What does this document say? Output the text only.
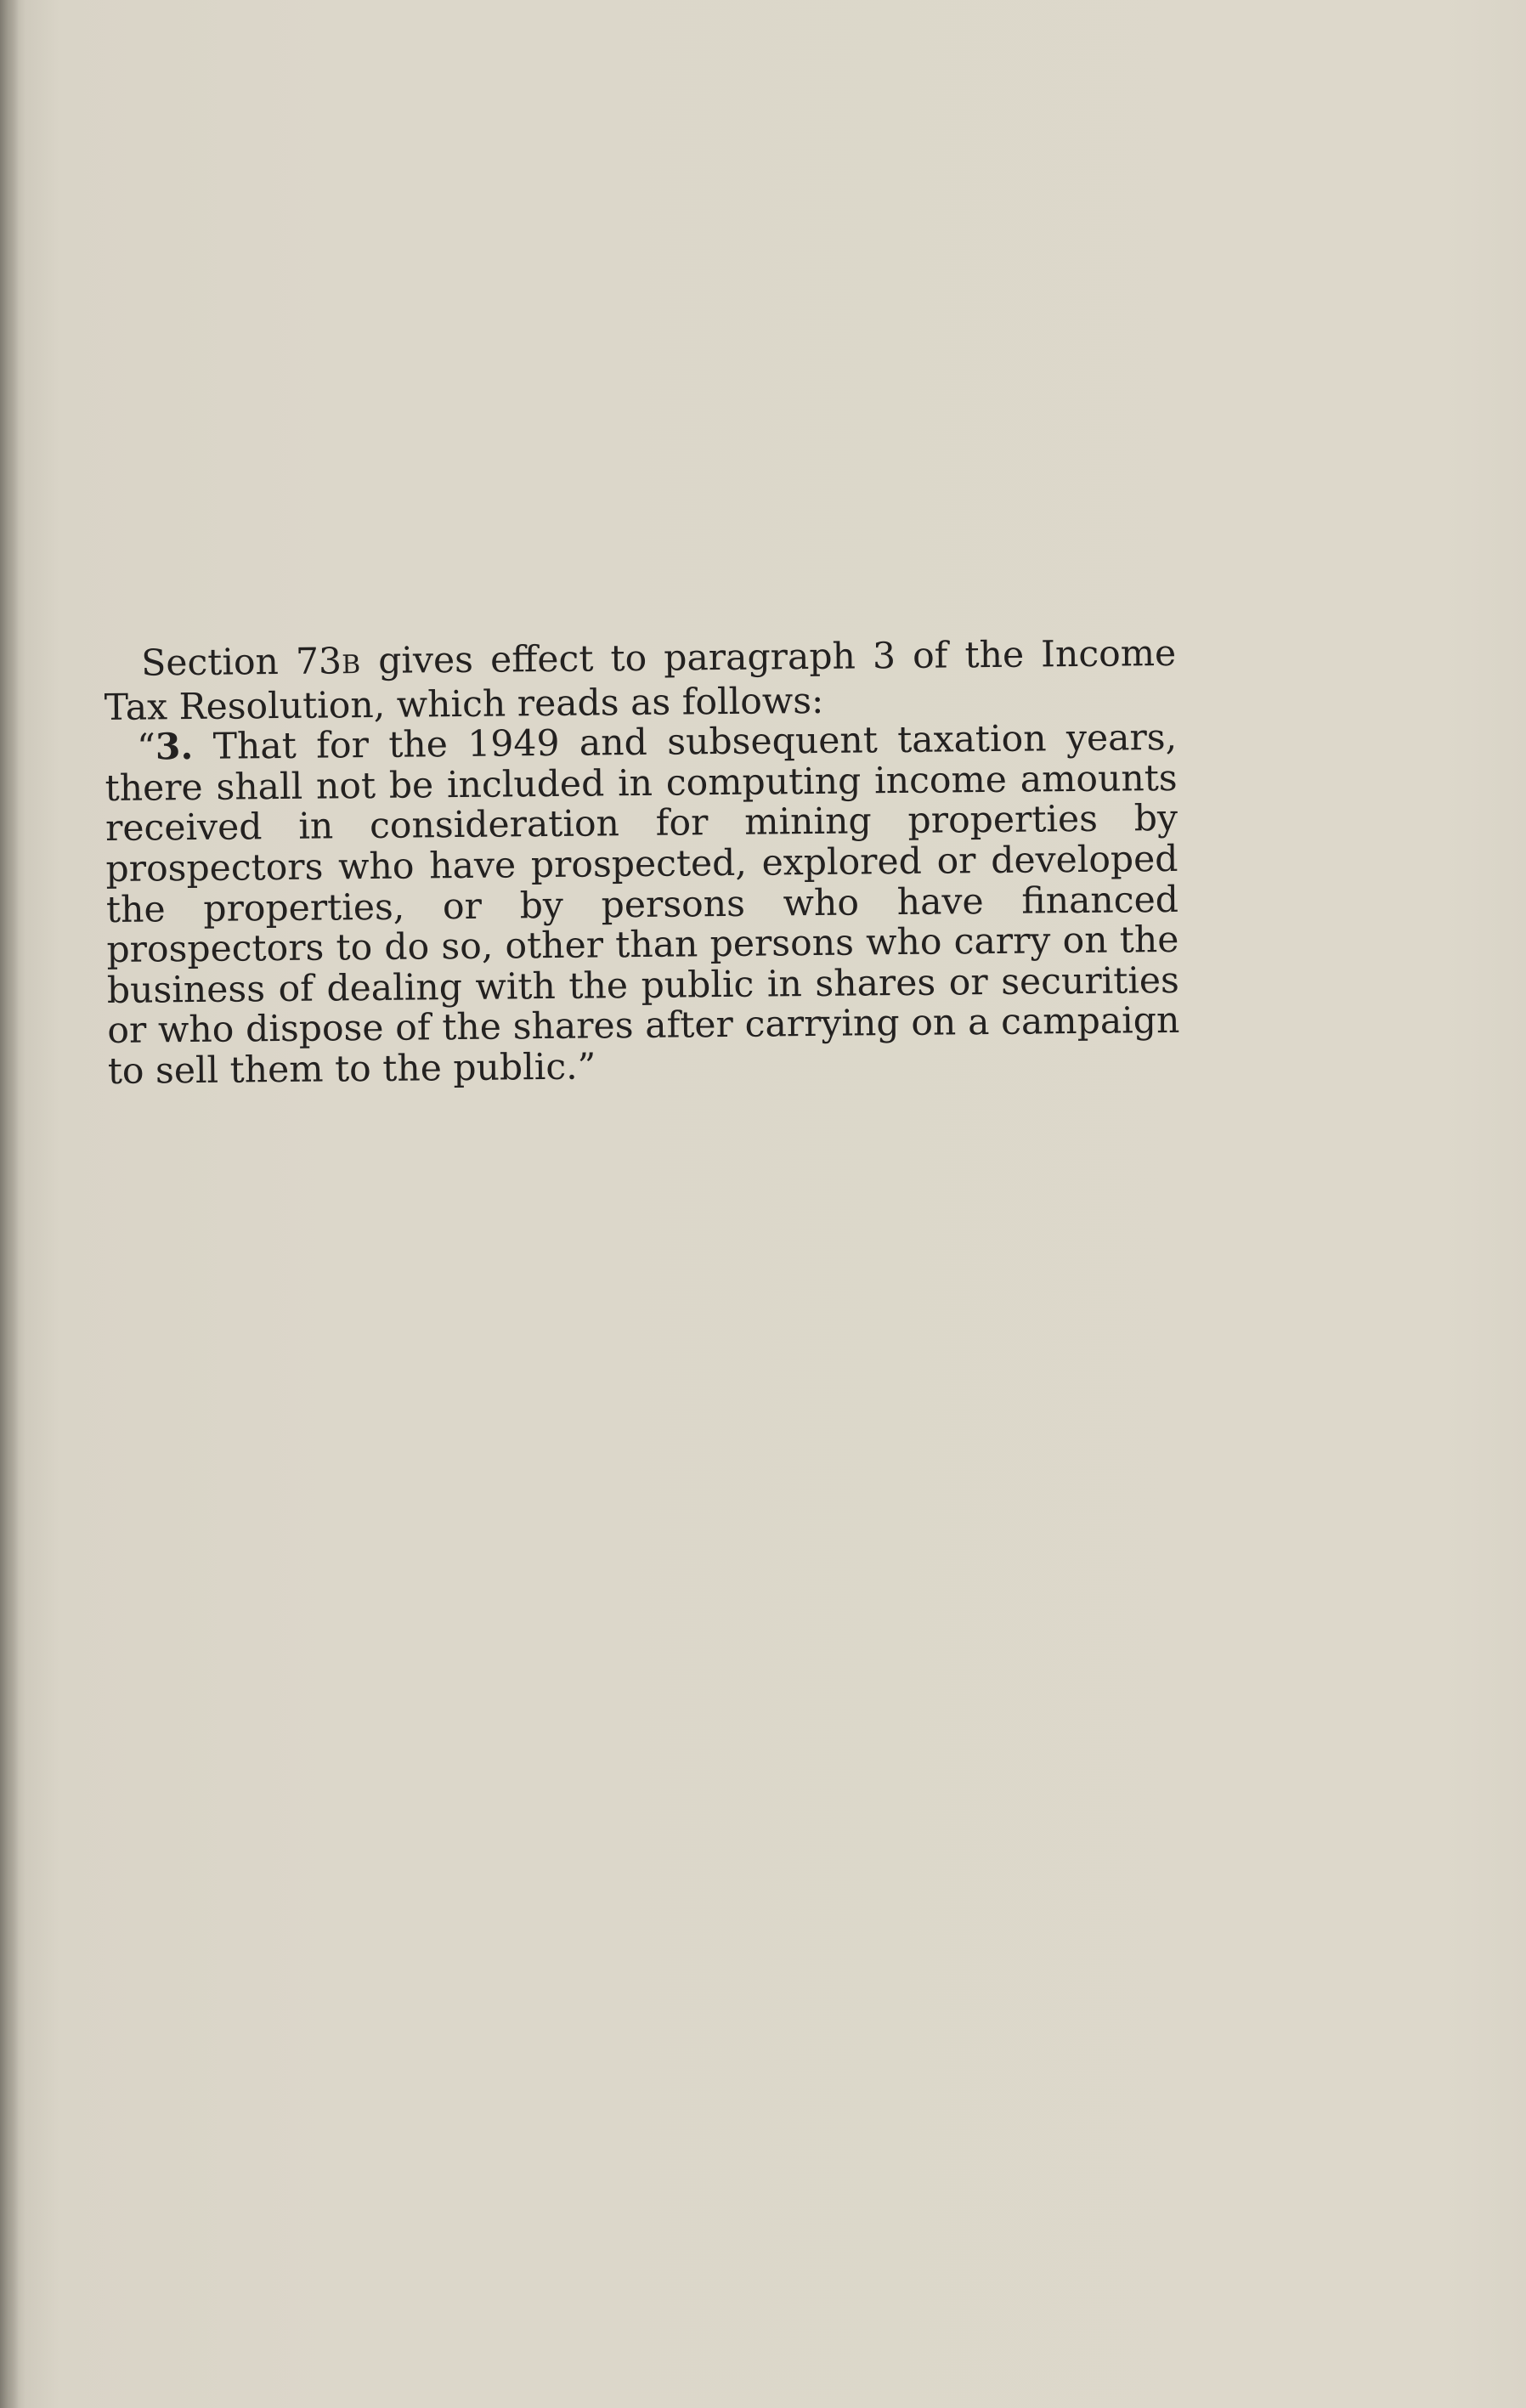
Section 73B gives effect to paragraph 3 of the Income Tax Resolution, which reads as follows:

“3. That for the 1949 and subsequent taxation years, there shall not be included in computing income amounts received in consideration for mining properties by prospectors who have prospected, explored or developed the properties, or by persons who have financed prospectors to do so, other than persons who carry on the business of dealing with the public in shares or securities or who dispose of the shares after carrying on a campaign to sell them to the public.”
